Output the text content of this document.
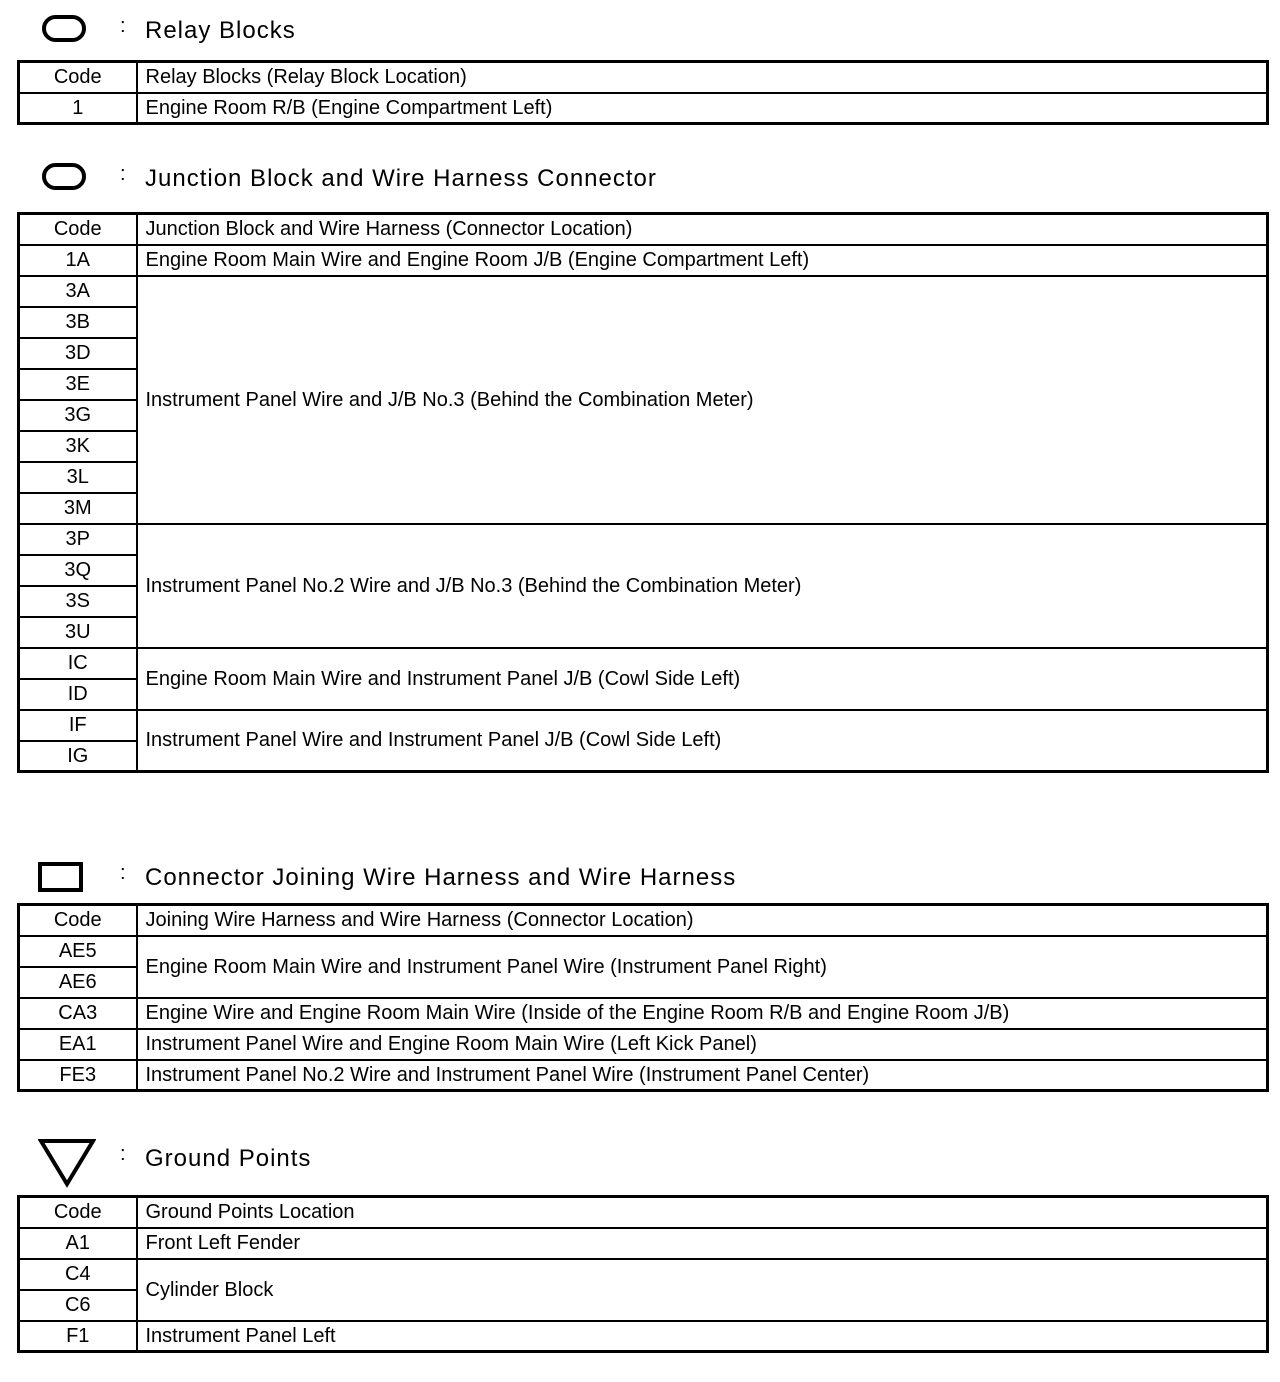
: Relay Blocks
Code	Relay Blocks (Relay Block Location)
1	Engine Room R/B (Engine Compartment Left)
: Junction Block and Wire Harness Connector
Code	Junction Block and Wire Harness (Connector Location)
1A	Engine Room Main Wire and Engine Room J/B (Engine Compartment Left)
3A	Instrument Panel Wire and J/B No.3 (Behind the Combination Meter)
3B	
3D	
3E	
3G	
3K	
3L	
3M	
3P	Instrument Panel No.2 Wire and J/B No.3 (Behind the Combination Meter)
3Q	
3S	
3U	
IC	Engine Room Main Wire and Instrument Panel J/B (Cowl Side Left)
ID	
IF	Instrument Panel Wire and Instrument Panel J/B (Cowl Side Left)
IG	
: Connector Joining Wire Harness and Wire Harness
Code	Joining Wire Harness and Wire Harness (Connector Location)
AE5	Engine Room Main Wire and Instrument Panel Wire (Instrument Panel Right)
AE6	
CA3	Engine Wire and Engine Room Main Wire (Inside of the Engine Room R/B and Engine Room J/B)
EA1	Instrument Panel Wire and Engine Room Main Wire (Left Kick Panel)
FE3	Instrument Panel No.2 Wire and Instrument Panel Wire (Instrument Panel Center)
: Ground Points
Code	Ground Points Location
A1	Front Left Fender
C4	Cylinder Block
C6	
F1	Instrument Panel Left
